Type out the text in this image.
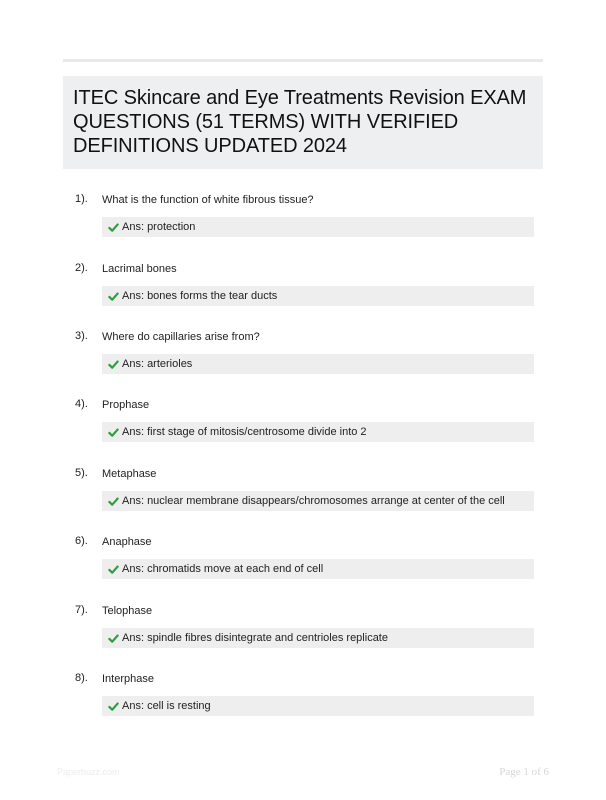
ITEC Skincare and Eye Treatments Revision EXAM QUESTIONS (51 TERMS) WITH VERIFIED DEFINITIONS UPDATED 2024
1). What is the function of white fibrous tissue?
Ans: protection
2). Lacrimal bones
Ans: bones forms the tear ducts
3). Where do capillaries arise from?
Ans: arterioles
4). Prophase
Ans: first stage of mitosis/centrosome divide into 2
5). Metaphase
Ans: nuclear membrane disappears/chromosomes arrange at center of the cell
6). Anaphase
Ans: chromatids move at each end of cell
7). Telophase
Ans: spindle fibres disintegrate and centrioles replicate
8). Interphase
Ans: cell is resting
Paperbuzz.com	Page 1 of 6
